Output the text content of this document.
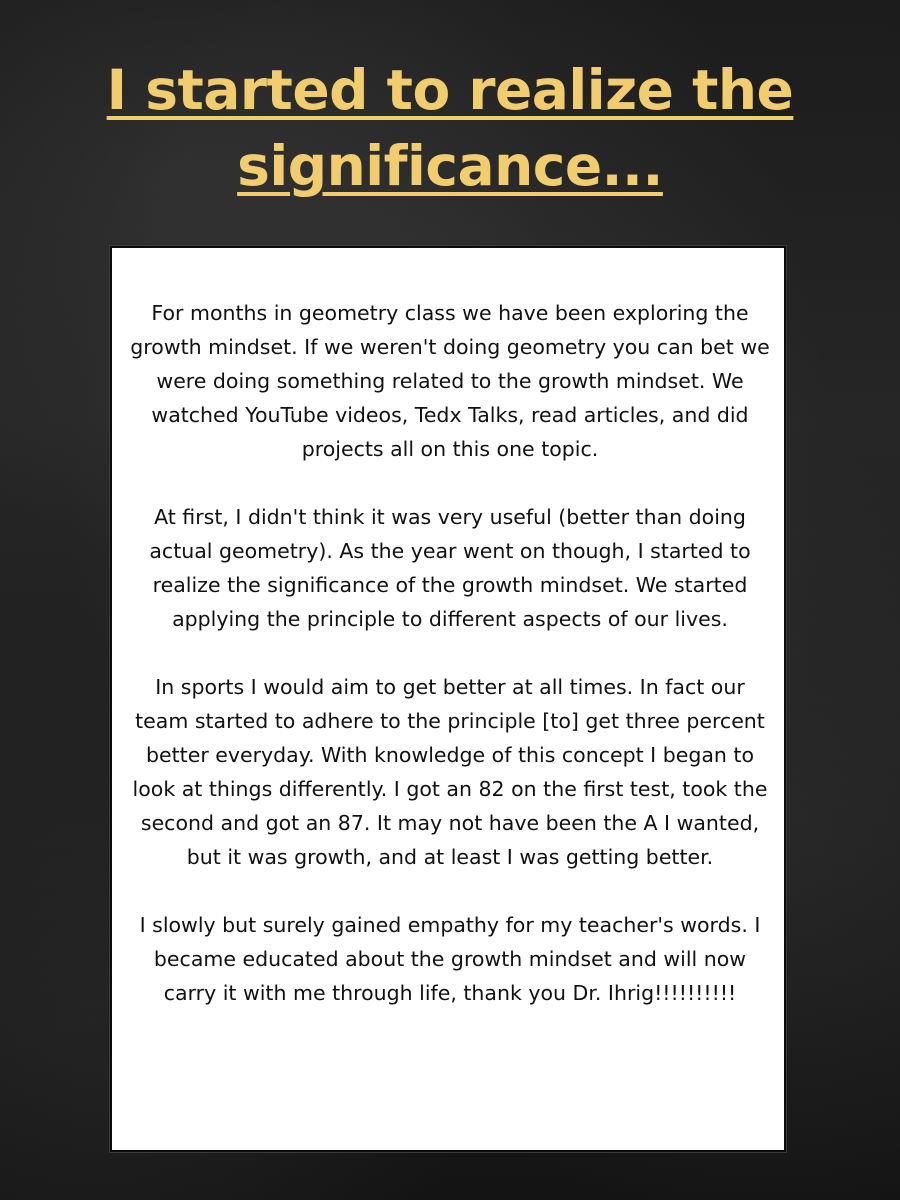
I started to realize the
significance...

For months in geometry class we have been exploring the growth mindset. If we weren't doing geometry you can bet we were doing something related to the growth mindset. We watched YouTube videos, Tedx Talks, read articles, and did projects all on this one topic.

At first, I didn't think it was very useful (better than doing actual geometry). As the year went on though, I started to realize the significance of the growth mindset. We started applying the principle to different aspects of our lives.

In sports I would aim to get better at all times. In fact our team started to adhere to the principle [to] get three percent better everyday. With knowledge of this concept I began to look at things differently. I got an 82 on the first test, took the second and got an 87. It may not have been the A I wanted, but it was growth, and at least I was getting better.

I slowly but surely gained empathy for my teacher's words. I became educated about the growth mindset and will now carry it with me through life, thank you Dr. Ihrig!!!!!!!!!!
